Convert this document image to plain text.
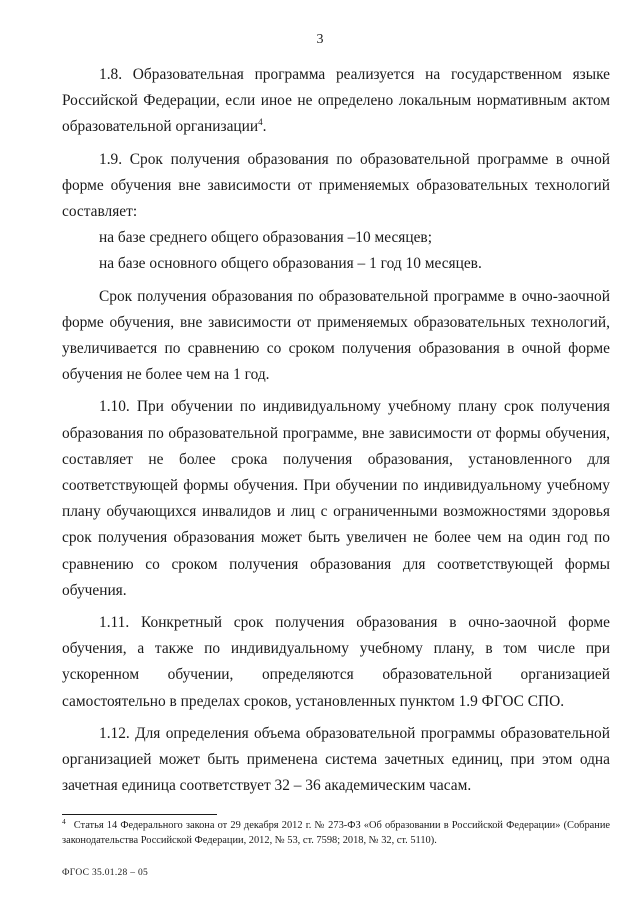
3

1.8. Образовательная программа реализуется на государственном языке Российской Федерации, если иное не определено локальным нормативным актом образовательной организации$^4$.

1.9. Срок получения образования по образовательной программе в очной форме обучения вне зависимости от применяемых образовательных технологий составляет:

на базе среднего общего образования –10 месяцев;

на базе основного общего образования – 1 год 10 месяцев.

Срок получения образования по образовательной программе в очно-заочной форме обучения, вне зависимости от применяемых образовательных технологий, увеличивается по сравнению со сроком получения образования в очной форме обучения не более чем на 1 год.

1.10. При обучении по индивидуальному учебному плану срок получения образования по образовательной программе, вне зависимости от формы обучения, составляет не более срока получения образования, установленного для соответствующей формы обучения. При обучении по индивидуальному учебному плану обучающихся инвалидов и лиц с ограниченными возможностями здоровья срок получения образования может быть увеличен не более чем на один год по сравнению со сроком получения образования для соответствующей формы обучения.

1.11. Конкретный срок получения образования в очно-заочной форме обучения, а также по индивидуальному учебному плану, в том числе при ускоренном обучении, определяются образовательной организацией самостоятельно в пределах сроков, установленных пунктом 1.9 ФГОС СПО.

1.12. Для определения объема образовательной программы образовательной организацией может быть применена система зачетных единиц, при этом одна зачетная единица соответствует 32 – 36 академическим часам.

$^4$ Статья 14 Федерального закона от 29 декабря 2012 г. № 273-ФЗ «Об образовании в Российской Федерации» (Собрание законодательства Российской Федерации, 2012, № 53, ст. 7598; 2018, № 32, ст. 5110).
ФГОС 35.01.28 – 05
